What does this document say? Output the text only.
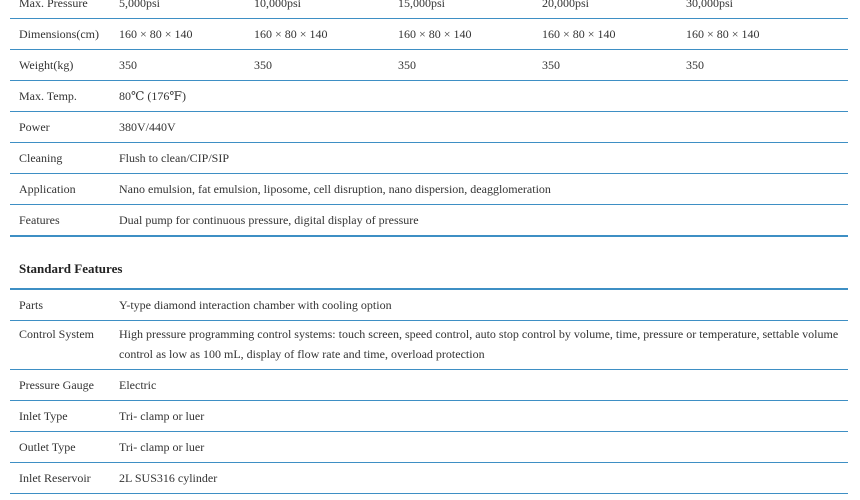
Max. Pressure	5,000psi	10,000psi	15,000psi	20,000psi	30,000psi
Dimensions(cm)	160 × 80 × 140	160 × 80 × 140	160 × 80 × 140	160 × 80 × 140	160 × 80 × 140
Weight(kg)	350	350	350	350	350
Max. Temp.	80℃ (176℉)				
Power	380V/440V				
Cleaning	Flush to clean/CIP/SIP				
Application	Nano emulsion, fat emulsion, liposome, cell disruption, nano dispersion, deagglomeration				
Features	Dual pump for continuous pressure, digital display of pressure				
Standard Features
Parts	Y-type diamond interaction chamber with cooling option
Control System	High pressure programming control systems: touch screen, speed control, auto stop control by volume, time, pressure or temperature, settable volume control as low as 100 mL, display of flow rate and time, overload protection
Pressure Gauge	Electric
Inlet Type	Tri- clamp or luer
Outlet Type	Tri- clamp or luer
Inlet Reservoir	2L SUS316 cylinder
